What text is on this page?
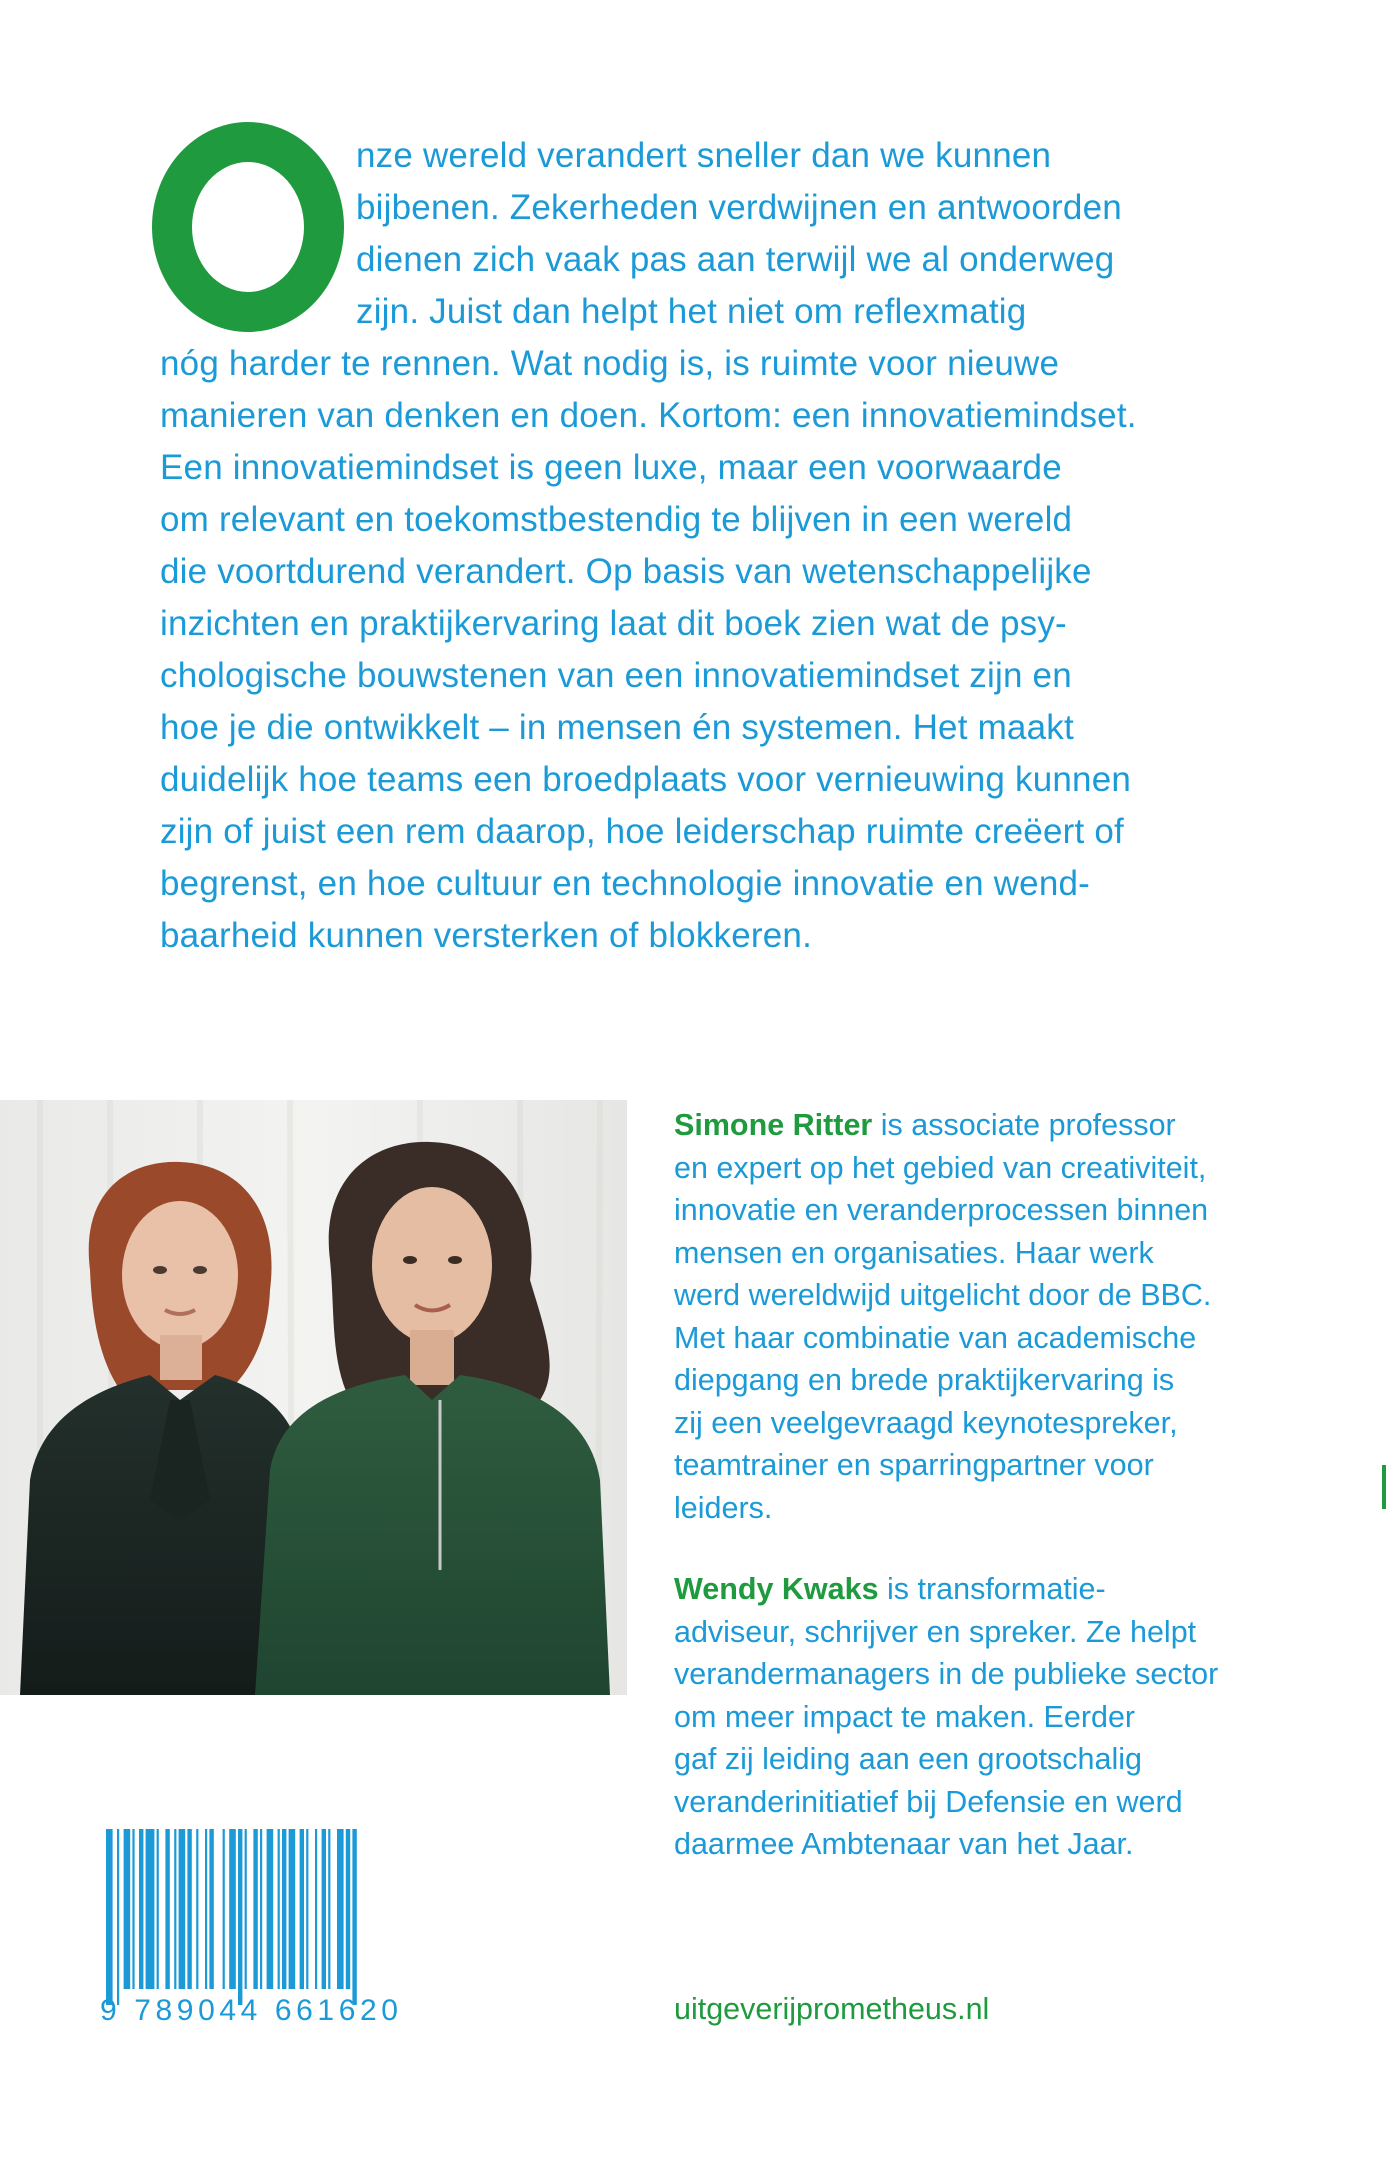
nze wereld verandert sneller dan we kunnen
bijbenen. Zekerheden verdwijnen en antwoorden
dienen zich vaak pas aan terwijl we al onderweg
zijn. Juist dan helpt het niet om reflexmatig
nóg harder te rennen. Wat nodig is, is ruimte voor nieuwe
manieren van denken en doen. Kortom: een innovatiemindset.
Een innovatiemindset is geen luxe, maar een voorwaarde
om relevant en toekomstbestendig te blijven in een wereld
die voortdurend verandert. Op basis van wetenschappelijke
inzichten en praktijkervaring laat dit boek zien wat de psy-
chologische bouwstenen van een innovatiemindset zijn en
hoe je die ontwikkelt – in mensen én systemen. Het maakt
duidelijk hoe teams een broedplaats voor vernieuwing kunnen
zijn of juist een rem daarop, hoe leiderschap ruimte creëert of
begrenst, en hoe cultuur en technologie innovatie en wend-
baarheid kunnen versterken of blokkeren.
Simone Ritter is associate professor
en expert op het gebied van creativiteit,
innovatie en veranderprocessen binnen
mensen en organisaties. Haar werk
werd wereldwijd uitgelicht door de BBC.
Met haar combinatie van academische
diepgang en brede praktijkervaring is
zij een veelgevraagd keynotespreker,
teamtrainer en sparringpartner voor
leiders.
Wendy Kwaks is transformatie-
adviseur, schrijver en spreker. Ze helpt
verandermanagers in de publieke sector
om meer impact te maken. Eerder
gaf zij leiding aan een grootschalig
veranderinitiatief bij Defensie en werd
daarmee Ambtenaar van het Jaar.
9 789044 661620	uitgeverijprometheus.nl
